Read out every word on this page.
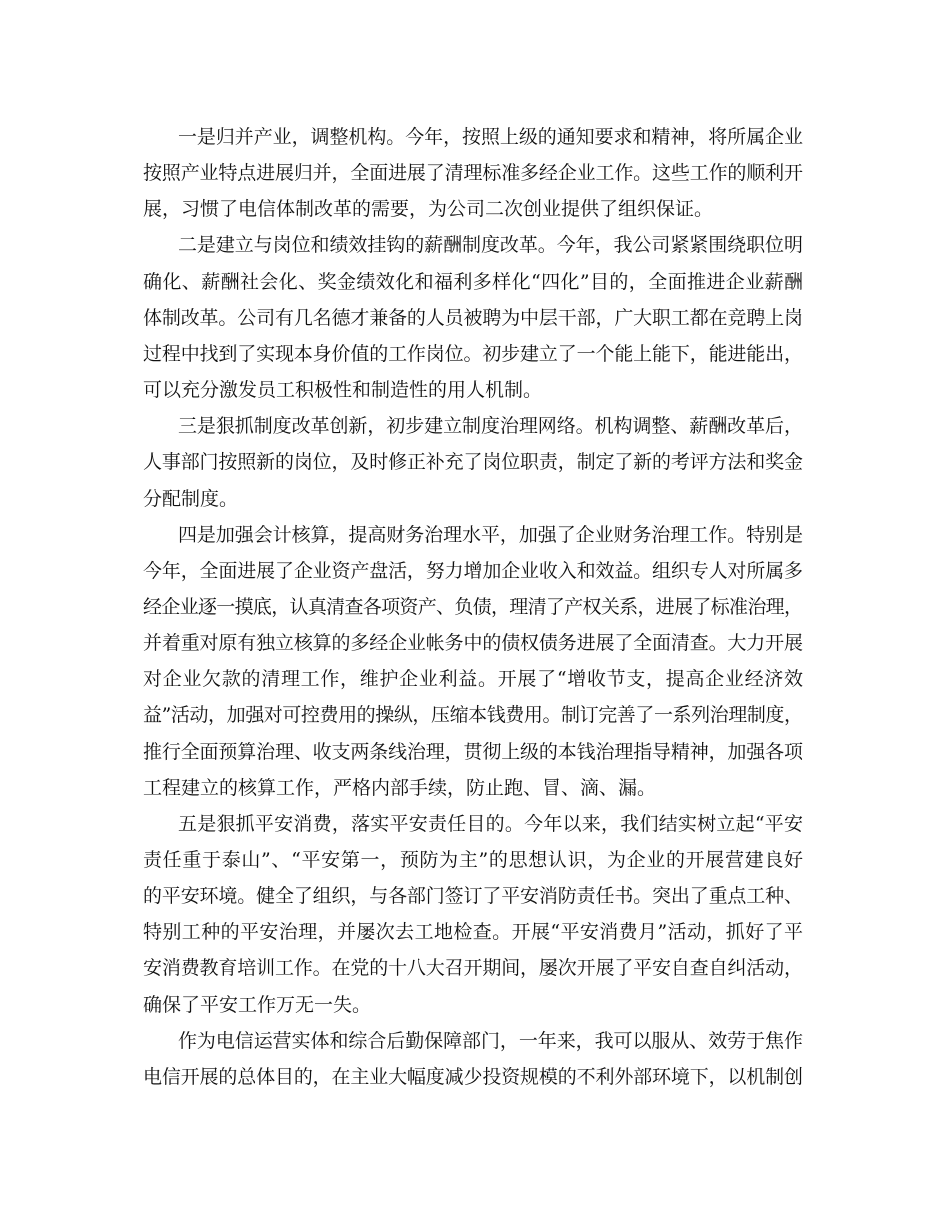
一是归并产业，调整机构。今年，按照上级的通知要求和精神，将所属企业
按照产业特点进展归并，全面进展了清理标准多经企业工作。这些工作的顺利开
展，习惯了电信体制改革的需要，为公司二次创业提供了组织保证。
二是建立与岗位和绩效挂钩的薪酬制度改革。今年，我公司紧紧围绕职位明
确化、薪酬社会化、奖金绩效化和福利多样化“四化”目的，全面推进企业薪酬
体制改革。公司有几名德才兼备的人员被聘为中层干部，广大职工都在竞聘上岗
过程中找到了实现本身价值的工作岗位。初步建立了一个能上能下，能进能出，
可以充分激发员工积极性和制造性的用人机制。
三是狠抓制度改革创新，初步建立制度治理网络。机构调整、薪酬改革后，
人事部门按照新的岗位，及时修正补充了岗位职责，制定了新的考评方法和奖金
分配制度。
四是加强会计核算，提高财务治理水平，加强了企业财务治理工作。特别是
今年，全面进展了企业资产盘活，努力增加企业收入和效益。组织专人对所属多
经企业逐一摸底，认真清查各项资产、负债，理清了产权关系，进展了标准治理，
并着重对原有独立核算的多经企业帐务中的债权债务进展了全面清查。大力开展
对企业欠款的清理工作，维护企业利益。开展了“增收节支，提高企业经济效
益”活动，加强对可控费用的操纵，压缩本钱费用。制订完善了一系列治理制度，
推行全面预算治理、收支两条线治理，贯彻上级的本钱治理指导精神，加强各项
工程建立的核算工作，严格内部手续，防止跑、冒、滴、漏。
五是狠抓平安消费，落实平安责任目的。今年以来，我们结实树立起“平安
责任重于泰山”、“平安第一，预防为主”的思想认识，为企业的开展营建良好
的平安环境。健全了组织，与各部门签订了平安消防责任书。突出了重点工种、
特别工种的平安治理，并屡次去工地检查。开展“平安消费月”活动，抓好了平
安消费教育培训工作。在党的十八大召开期间，屡次开展了平安自查自纠活动，
确保了平安工作万无一失。
作为电信运营实体和综合后勤保障部门，一年来，我可以服从、效劳于焦作
电信开展的总体目的，在主业大幅度减少投资规模的不利外部环境下，以机制创
